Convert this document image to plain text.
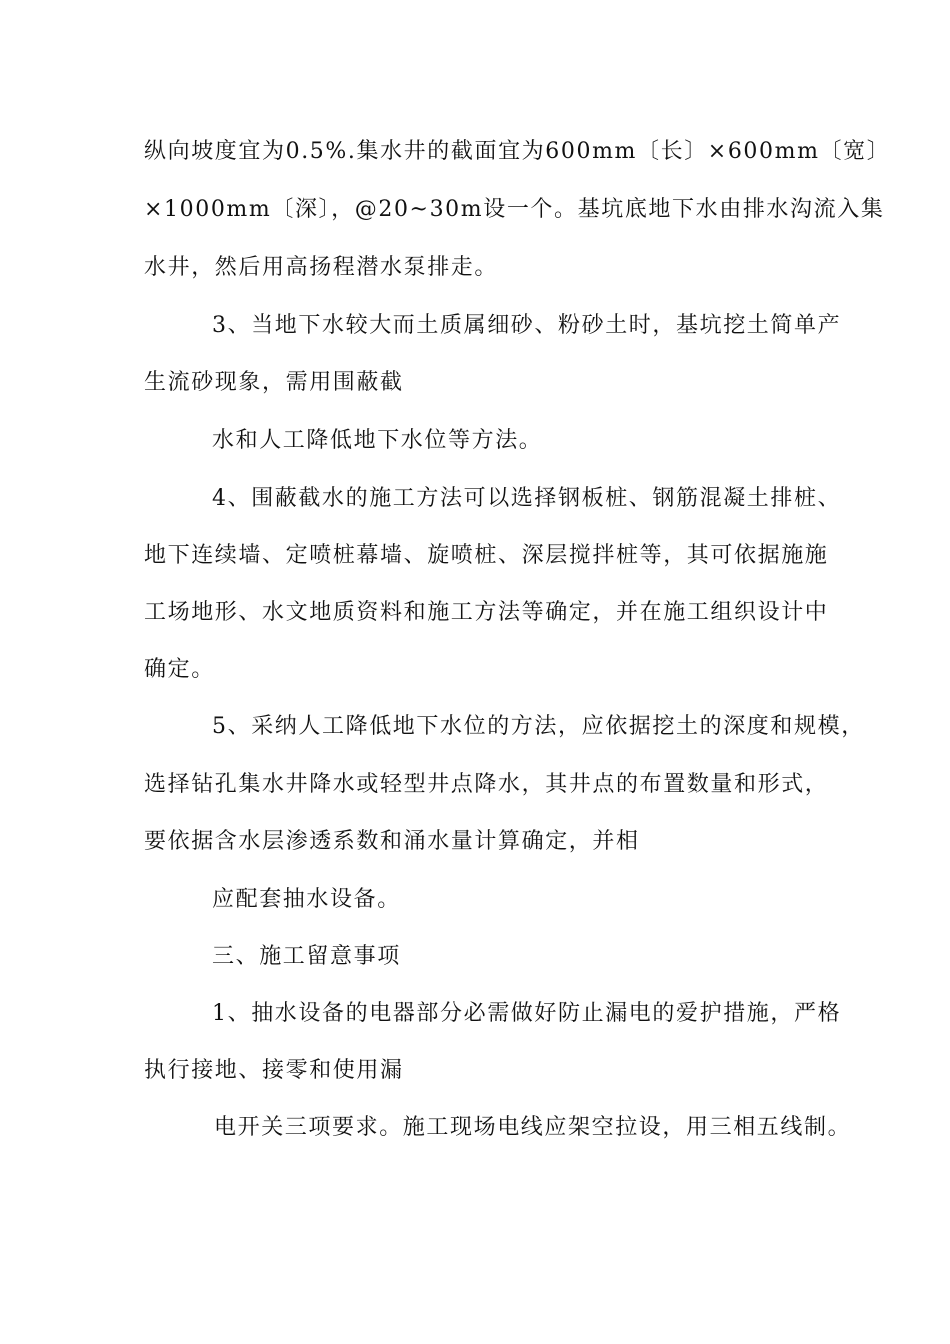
纵向坡度宜为0.5%.集水井的截面宜为600mm〔长〕×600mm〔宽〕
×1000mm〔深〕，@20~30m设一个。基坑底地下水由排水沟流入集
水井，然后用高扬程潜水泵排走。
3、当地下水较大而土质属细砂、粉砂土时，基坑挖土简单产
生流砂现象，需用围蔽截
水和人工降低地下水位等方法。
4、围蔽截水的施工方法可以选择钢板桩、钢筋混凝土排桩、
地下连续墙、定喷桩幕墙、旋喷桩、深层搅拌桩等，其可依据施施
工场地形、水文地质资料和施工方法等确定，并在施工组织设计中
确定。
5、采纳人工降低地下水位的方法，应依据挖土的深度和规模，
选择钻孔集水井降水或轻型井点降水，其井点的布置数量和形式，
要依据含水层渗透系数和涌水量计算确定，并相
应配套抽水设备。
三、施工留意事项
1、抽水设备的电器部分必需做好防止漏电的爱护措施，严格
执行接地、接零和使用漏
电开关三项要求。施工现场电线应架空拉设，用三相五线制。
